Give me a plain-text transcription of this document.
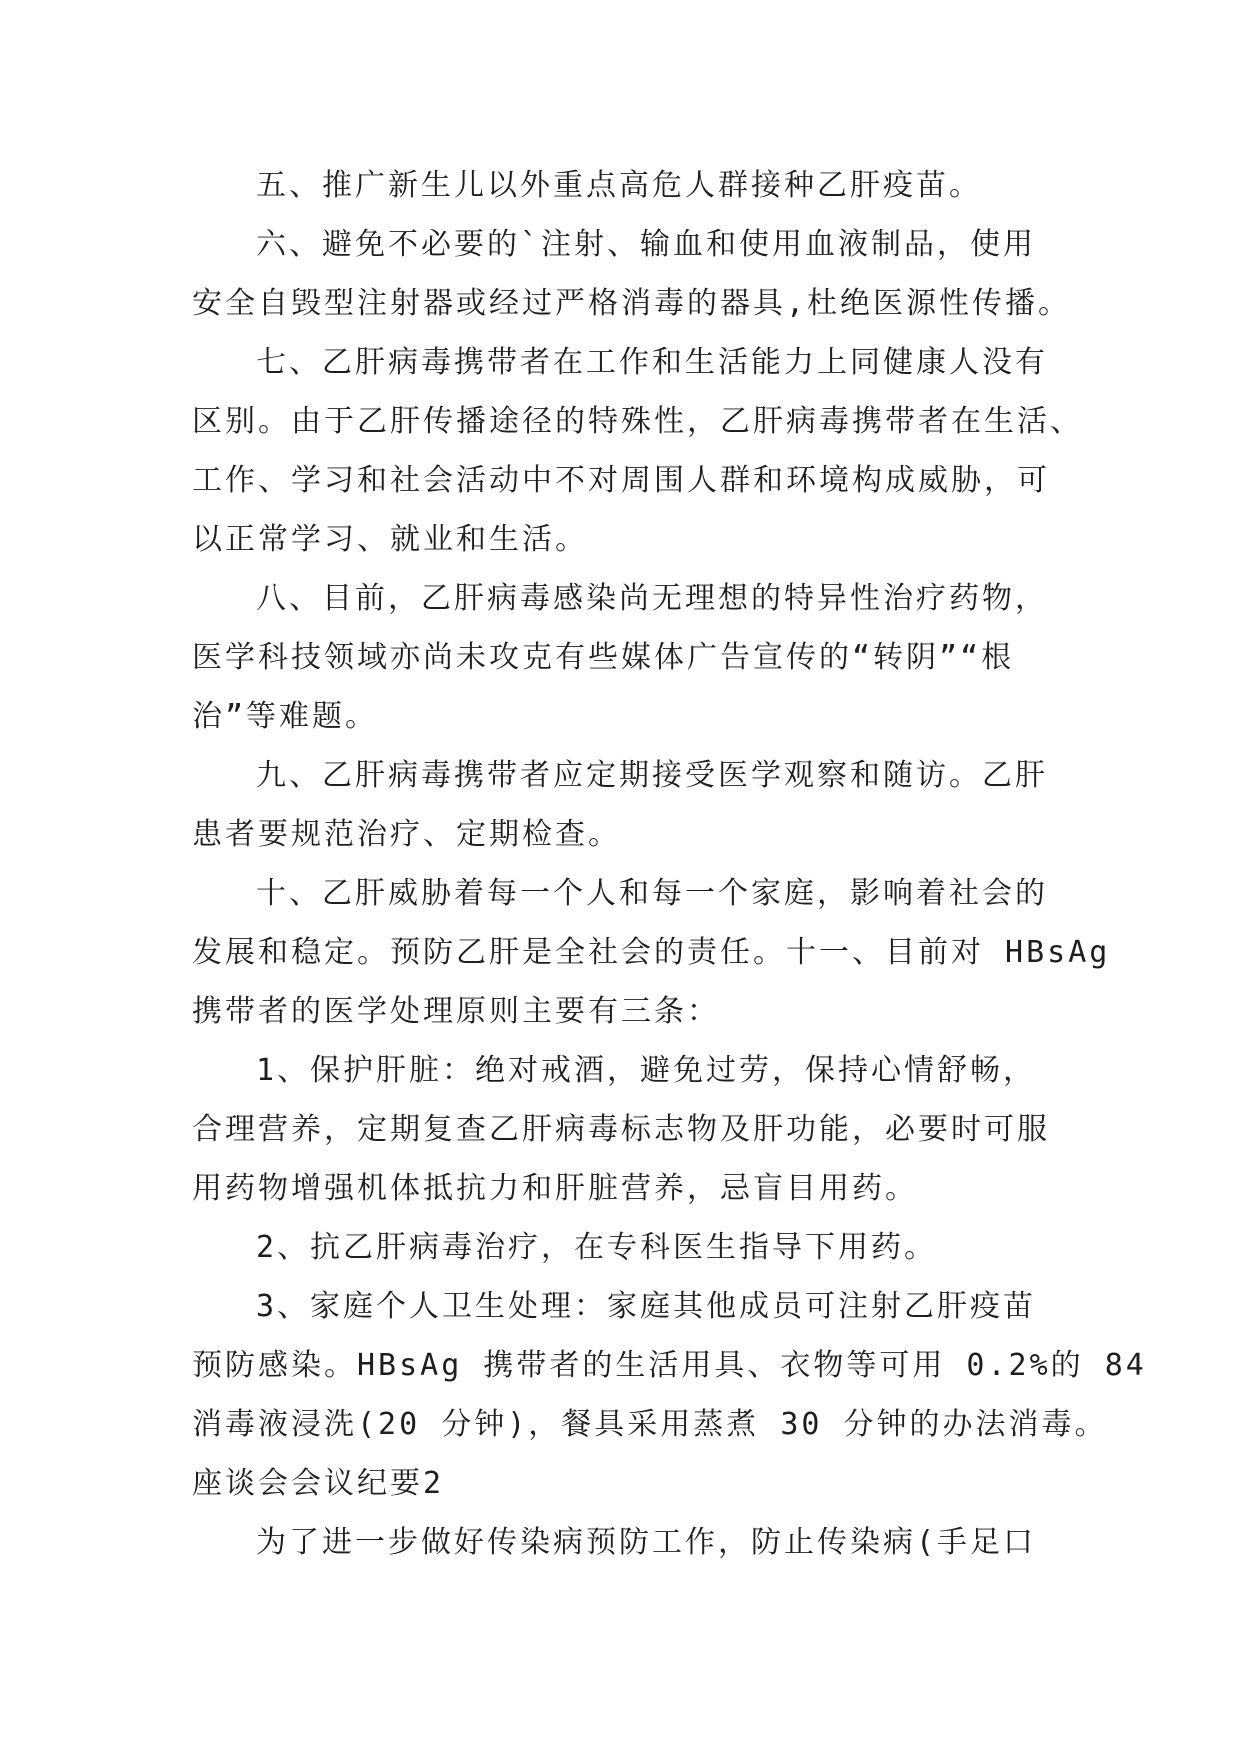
五、推广新生儿以外重点高危人群接种乙肝疫苗。
六、避免不必要的`注射、输血和使用血液制品，使用
安全自毁型注射器或经过严格消毒的器具,杜绝医源性传播。
七、乙肝病毒携带者在工作和生活能力上同健康人没有
区别。由于乙肝传播途径的特殊性，乙肝病毒携带者在生活、
工作、学习和社会活动中不对周围人群和环境构成威胁，可
以正常学习、就业和生活。
八、目前，乙肝病毒感染尚无理想的特异性治疗药物，
医学科技领域亦尚未攻克有些媒体广告宣传的“转阴”“根
治”等难题。
九、乙肝病毒携带者应定期接受医学观察和随访。乙肝
患者要规范治疗、定期检查。
十、乙肝威胁着每一个人和每一个家庭，影响着社会的
发展和稳定。预防乙肝是全社会的责任。十一、目前对 HBsAg
携带者的医学处理原则主要有三条：
1、保护肝脏：绝对戒酒，避免过劳，保持心情舒畅，
合理营养，定期复查乙肝病毒标志物及肝功能，必要时可服
用药物增强机体抵抗力和肝脏营养，忌盲目用药。
2、抗乙肝病毒治疗，在专科医生指导下用药。
3、家庭个人卫生处理：家庭其他成员可注射乙肝疫苗
预防感染。HBsAg 携带者的生活用具、衣物等可用 0.2%的 84
消毒液浸洗(20 分钟)，餐具采用蒸煮 30 分钟的办法消毒。
座谈会会议纪要2
为了进一步做好传染病预防工作，防止传染病(手足口
